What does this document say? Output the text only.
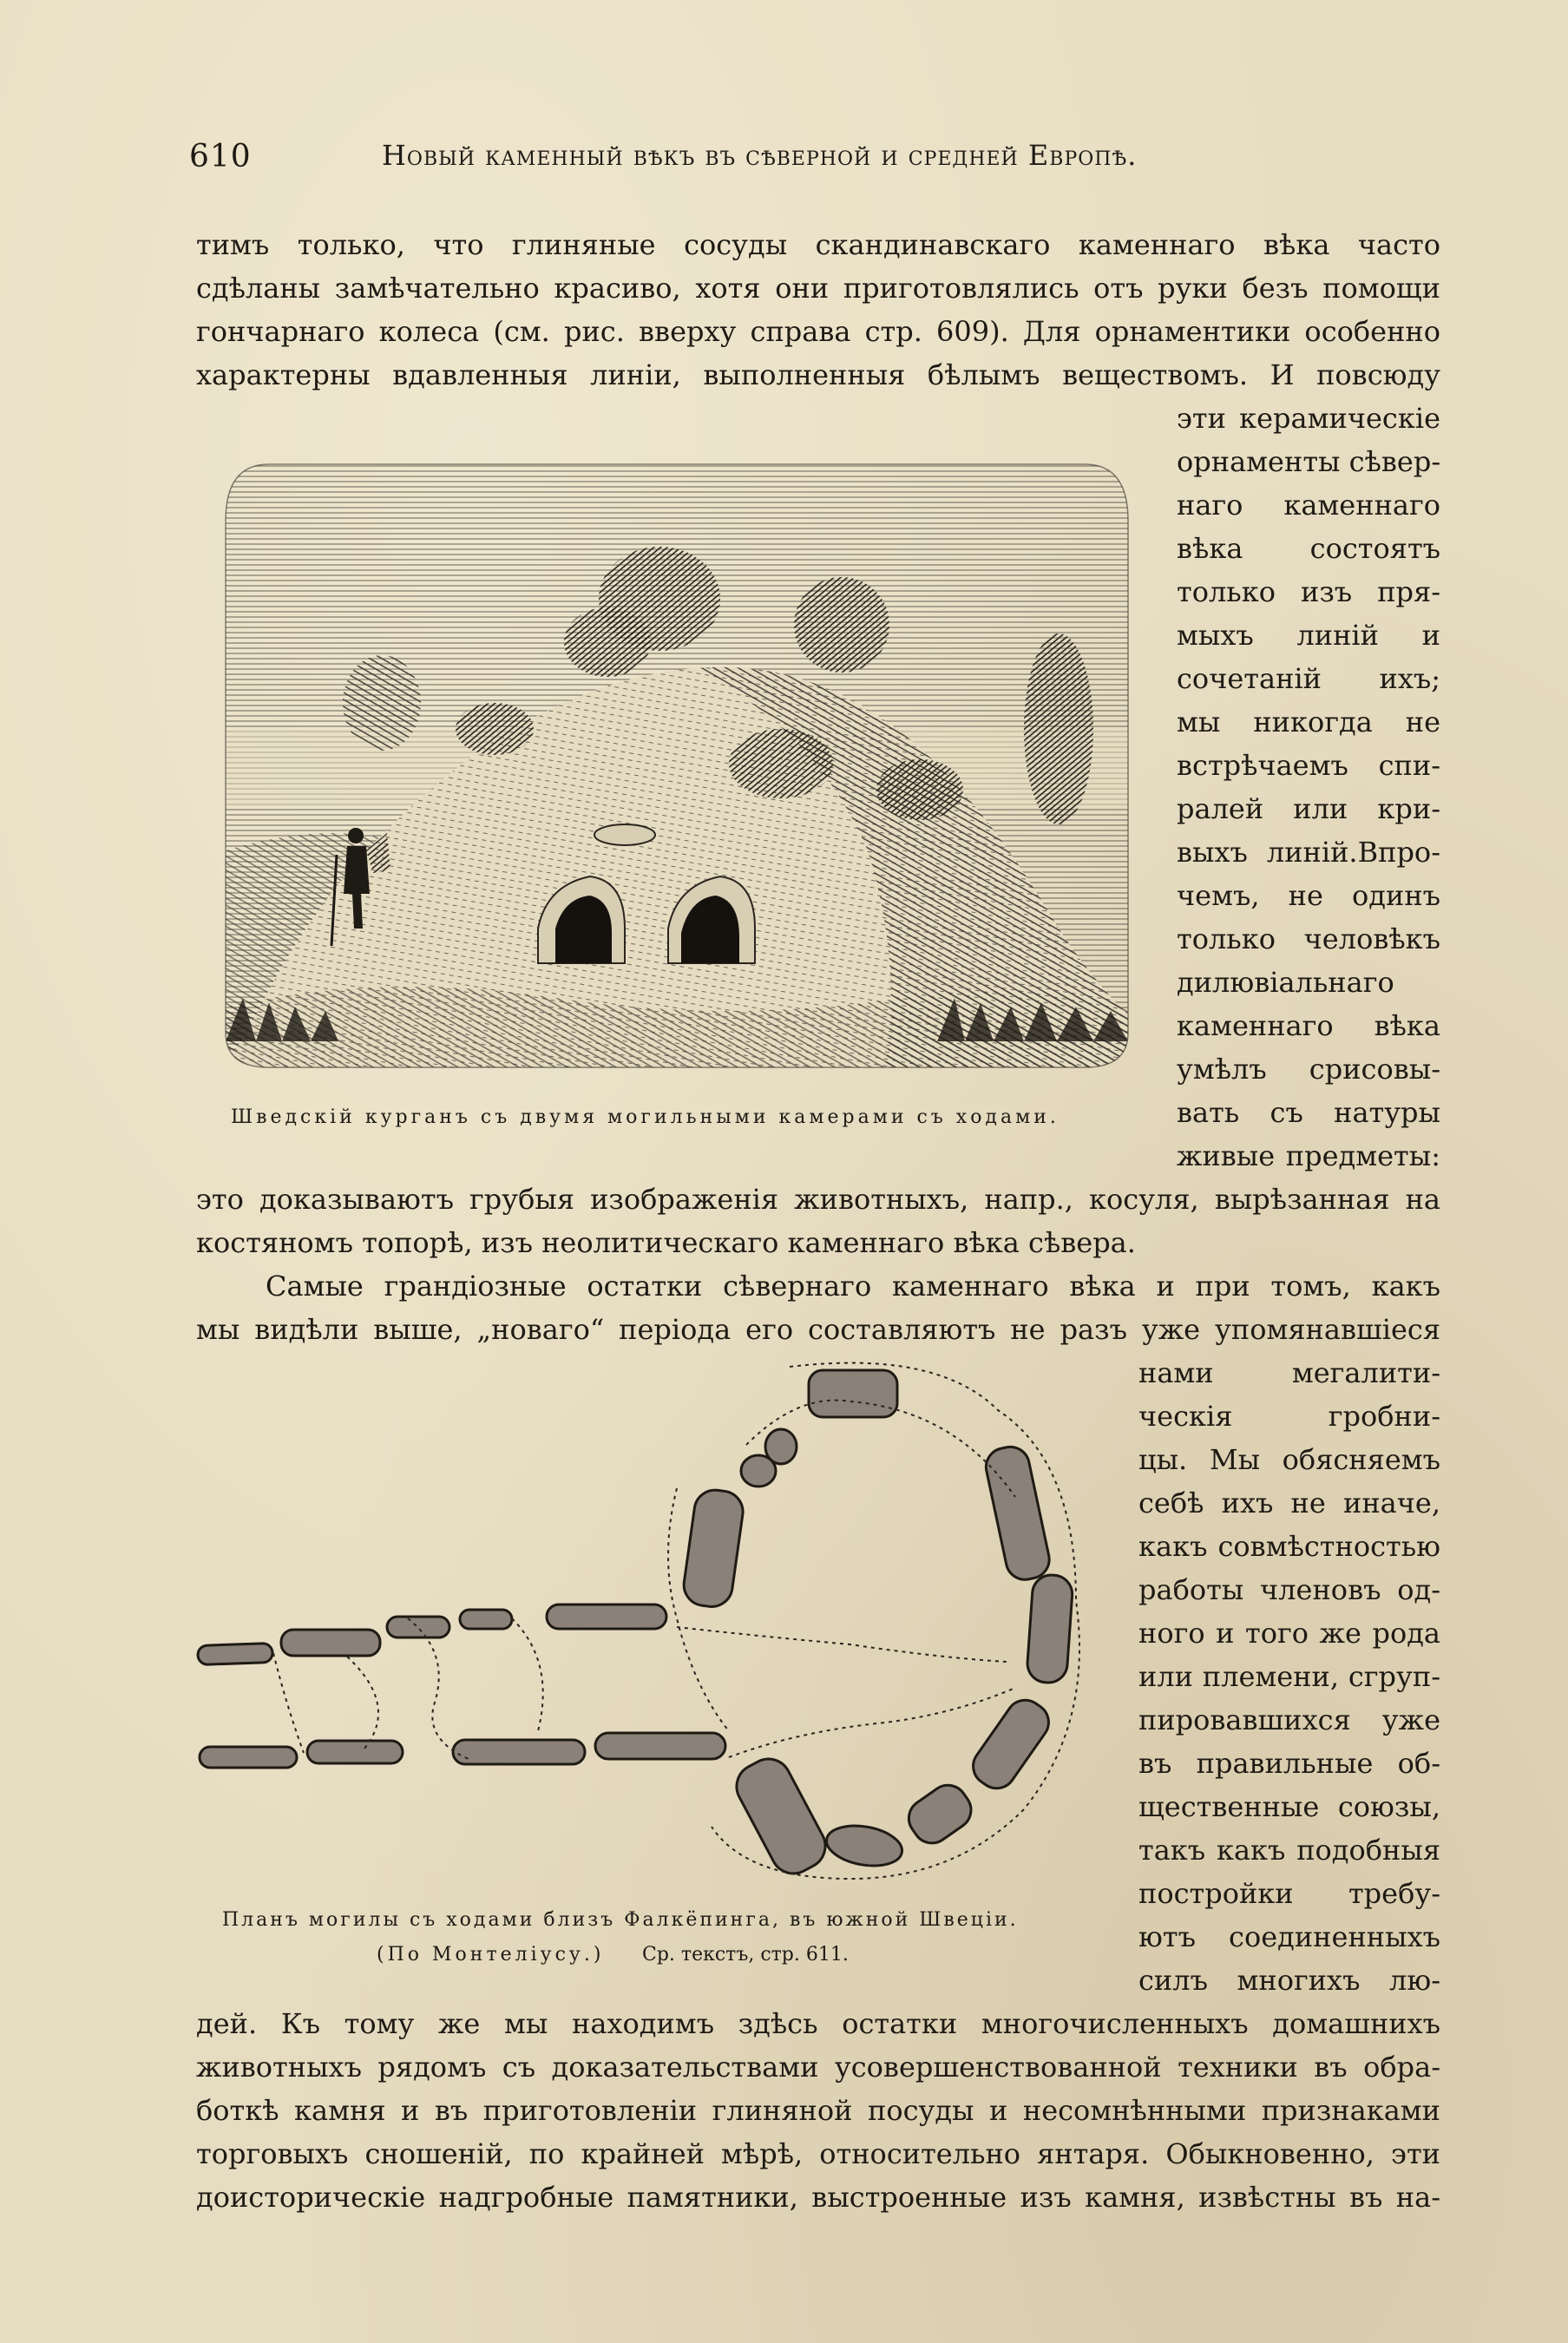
610	Новый каменный вѣкъ въ сѣверной и средней Европѣ.
тимъ только, что глиняные сосуды скандинавскаго каменнаго вѣка часто
сдѣланы замѣчательно красиво, хотя они приготовлялись отъ руки безъ помощи
гончарнаго колеса (см. рис. вверху справа стр. 609). Для орнаментики особенно
характерны вдавленныя линiи, выполненныя бѣлымъ веществомъ. И повсюду
эти керамическiе
орнаменты сѣвер-
наго каменнаго
вѣка состоятъ
только изъ пря-
мыхъ линiй и
сочетанiй ихъ;
мы никогда не
встрѣчаемъ спи-
ралей или кри-
выхъ линiй.Впро-
чемъ, не одинъ
только человѣкъ
дилювiальнаго
каменнаго вѣка
умѣлъ срисовы-
вать съ натуры
живые предметы:
это доказываютъ грубыя изображенiя животныхъ, напр., косуля, вырѣзанная на
костяномъ топорѣ, изъ неолитическаго каменнаго вѣка сѣвера.
Шведскiй курганъ съ двумя могильными камерами съ ходами.
Самые грандiозные остатки сѣвернаго каменнаго вѣка и при томъ, какъ
мы видѣли выше, „новаго“ перiода его составляютъ не разъ уже упомянавшiеся
нами мегалити-
ческiя гробни-
цы. Мы обясняемъ
себѣ ихъ не иначе,
какъ совмѣстностью
работы членовъ од-
ного и того же рода
или племени, сгруп-
пировавшихся уже
въ правильные об-
щественные союзы,
такъ какъ подобныя
постройки требу-
ютъ соединенныхъ
силъ многихъ лю-
дей. Къ тому же мы находимъ здѣсь остатки многочисленныхъ домашнихъ
животныхъ рядомъ съ доказательствами усовершенствованной техники въ обра-
боткѣ камня и въ приготовленiи глиняной посуды и несомнѣнными признаками
торговыхъ сношенiй, по крайней мѣрѣ, относительно янтаря. Обыкновенно, эти
доисторическiе надгробные памятники, выстроенные изъ камня, извѣстны въ на-
Планъ могилы съ ходами близъ Фалкёпинга, въ южной Швецiи.
(По Монтелiусу.) Ср. текстъ, стр. 611.
